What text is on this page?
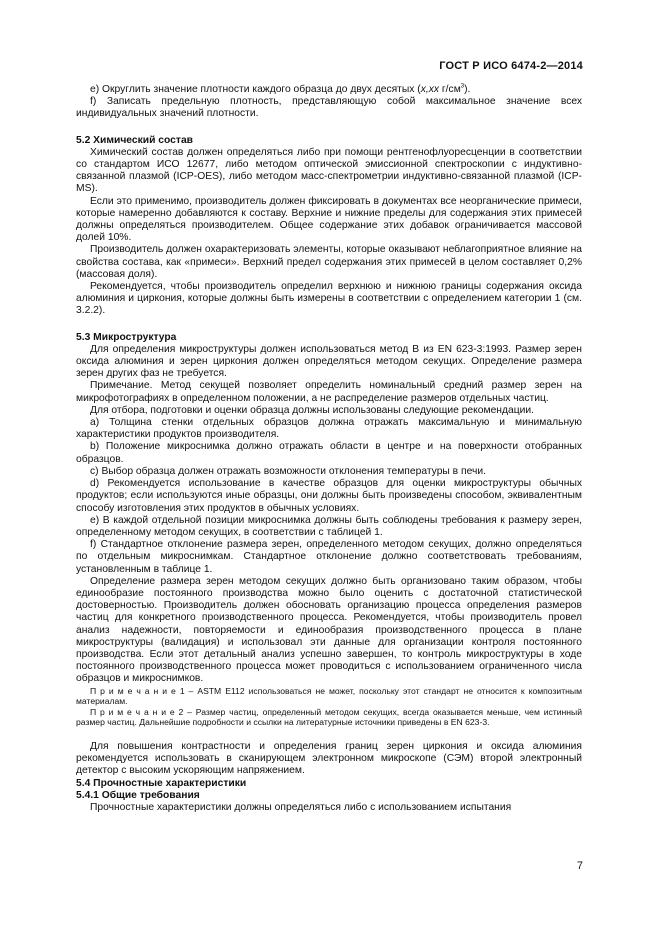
ГОСТ Р ИСО 6474-2—2014

е) Округлить значение плотности каждого образца до двух десятых (x,xx $г/см^3$).

f) Записать предельную плотность, представляющую собой максимальное значение всех индивидуальных значений плотности.

5.2 Химический состав

Химический состав должен определяться либо при помощи рентгенофлуоресценции в соответствии со стандартом ИСО 12677, либо методом оптической эмиссионной спектроскопии с индуктивно-связанной плазмой (ICP-OES), либо методом масс-спектрометрии индуктивно-связанной плазмой (ICP-MS).

Если это применимо, производитель должен фиксировать в документах все неорганические примеси, которые намеренно добавляются к составу. Верхние и нижние пределы для содержания этих примесей должны определяться производителем. Общее содержание этих добавок ограничивается массовой долей 10%.

Производитель должен охарактеризовать элементы, которые оказывают неблагоприятное влияние на свойства состава, как «примеси». Верхний предел содержания этих примесей в целом составляет 0,2% (массовая доля).

Рекомендуется, чтобы производитель определил верхнюю и нижнюю границы содержания оксида алюминия и циркония, которые должны быть измерены в соответствии с определением категории 1 (см. 3.2.2).

5.3 Микроструктура

Для определения микроструктуры должен использоваться метод В из EN 623-3:1993. Размер зерен оксида алюминия и зерен циркония должен определяться методом секущих. Определение размера зерен других фаз не требуется.

Примечание. Метод секущей позволяет определить номинальный средний размер зерен на микрофотографиях в определенном положении, а не распределение размеров отдельных частиц.

Для отбора, подготовки и оценки образца должны использованы следующие рекомендации.

а) Толщина стенки отдельных образцов должна отражать максимальную и минимальную характеристики продуктов производителя.

b) Положение микроснимка должно отражать области в центре и на поверхности отобранных образцов.

с) Выбор образца должен отражать возможности отклонения температуры в печи.

d) Рекомендуется использование в качестве образцов для оценки микроструктуры обычных продуктов; если используются иные образцы, они должны быть произведены способом, эквивалентным способу изготовления этих продуктов в обычных условиях.

е) В каждой отдельной позиции микроснимка должны быть соблюдены требования к размеру зерен, определенному методом секущих, в соответствии с таблицей 1.

f) Стандартное отклонение размера зерен, определенного методом секущих, должно определяться по отдельным микроснимкам. Стандартное отклонение должно соответствовать требованиям, установленным в таблице 1.

Определение размера зерен методом секущих должно быть организовано таким образом, чтобы единообразие постоянного производства можно было оценить с достаточной статистической достоверностью. Производитель должен обосновать организацию процесса определения размеров частиц для конкретного производственного процесса. Рекомендуется, чтобы производитель провел анализ надежности, повторяемости и единообразия производственного процесса в плане микроструктуры (валидация) и использовал эти данные для организации контроля постоянного производства. Если этот детальный анализ успешно завершен, то контроль микроструктуры в ходе постоянного производственного процесса может проводиться с использованием ограниченного числа образцов и микроснимков.

П р и м е ч а н и е 1 – ASTM E112 использоваться не может, поскольку этот стандарт не относится к композитным материалам.

П р и м е ч а н и е 2 – Размер частиц, определенный методом секущих, всегда оказывается меньше, чем истинный размер частиц. Дальнейшие подробности и ссылки на литературные источники приведены в EN 623-3.

Для повышения контрастности и определения границ зерен циркония и оксида алюминия рекомендуется использовать в сканирующем электронном микроскопе (СЭМ) второй электронный детектор с высоким ускоряющим напряжением.

5.4 Прочностные характеристики
5.4.1 Общие требования

Прочностные характеристики должны определяться либо с использованием испытания

7
